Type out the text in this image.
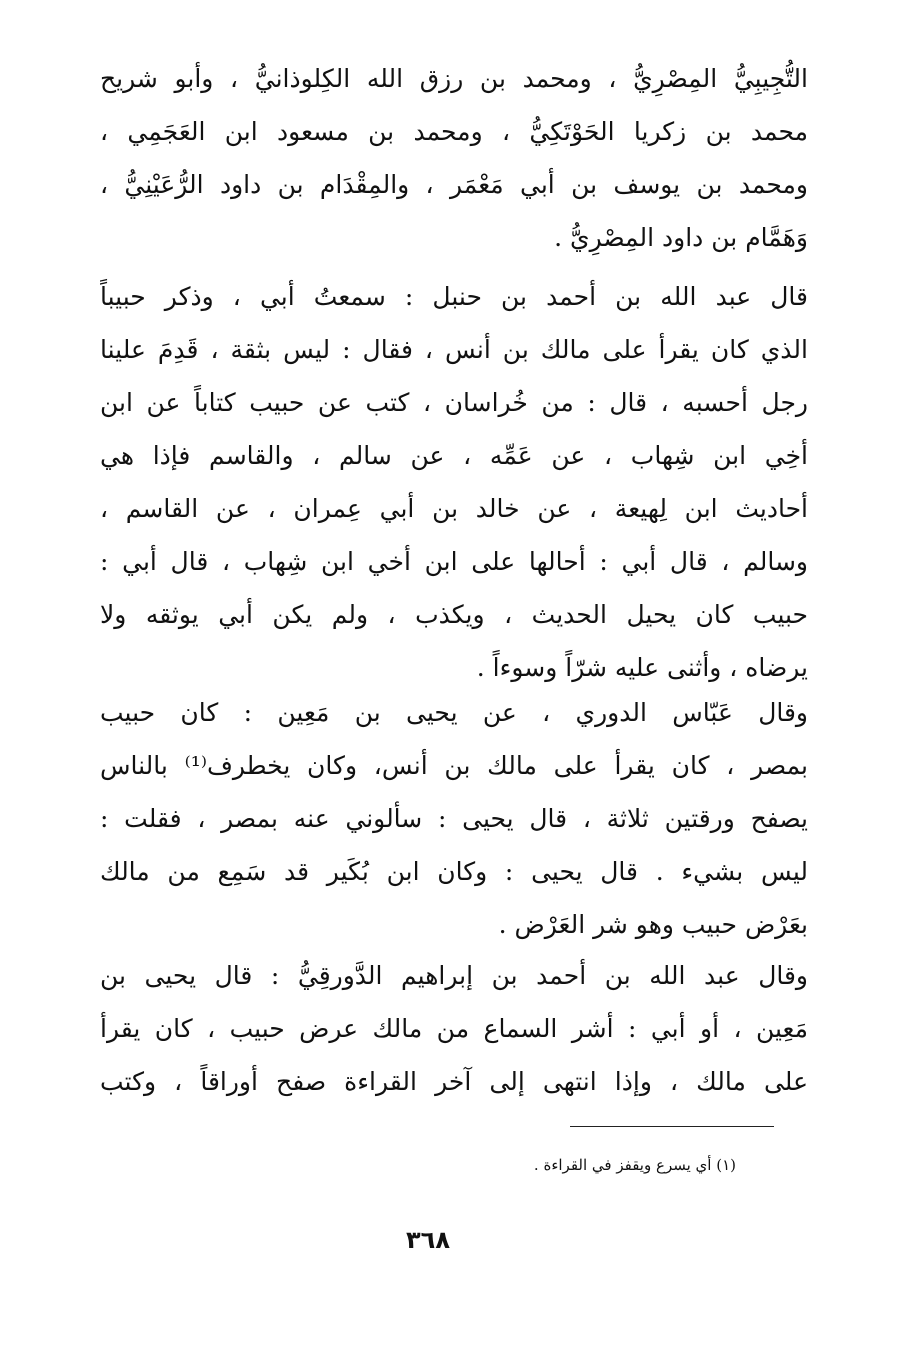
التُّجِيبِيُّ المِصْرِيُّ ، ومحمد بن رزق الله الكِلوذانيُّ ، وأبو شريح
محمد بن زكريا الحَوْتَكِيُّ ، ومحمد بن مسعود ابن العَجَمِي ،
ومحمد بن يوسف بن أبي مَعْمَر ، والمِقْدَام بن داود الرُّعَيْنِيُّ ،
وَهَمَّام بن داود المِصْرِيُّ .
قال عبد الله بن أحمد بن حنبل : سمعتُ أبي ، وذكر حبيباً
الذي كان يقرأ على مالك بن أنس ، فقال : ليس بثقة ، قَدِمَ علينا
رجل أحسبه ، قال : من خُراسان ، كتب عن حبيب كتاباً عن ابن
أخِي ابن شِهاب ، عن عَمِّه ، عن سالم ، والقاسم فإذا هي
أحاديث ابن لِهيعة ، عن خالد بن أبي عِمران ، عن القاسم ،
وسالم ، قال أبي : أحالها على ابن أخي ابن شِهاب ، قال أبي :
حبيب كان يحيل الحديث ، ويكذب ، ولم يكن أبي يوثقه ولا
يرضاه ، وأثنى عليه شرّاً وسوءاً .
وقال عَبّاس الدوري ، عن يحيى بن مَعِين : كان حبيب
بمصر ، كان يقرأ على مالك بن أنس، وكان يخطرف⁽¹⁾ بالناس
يصفح ورقتين ثلاثة ، قال يحيى : سألوني عنه بمصر ، فقلت :
ليس بشيء . قال يحيى : وكان ابن بُكَير قد سَمِع من مالك
بعَرْض حبيب وهو شر العَرْض .
وقال عبد الله بن أحمد بن إبراهيم الدَّورقِيُّ : قال يحيى بن
مَعِين ، أو أبي : أشر السماع من مالك عرض حبيب ، كان يقرأ
على مالك ، وإذا انتهى إلى آخر القراءة صفح أوراقاً ، وكتب
(١) أي يسرع ويقفز في القراءة .
٣٦٨
